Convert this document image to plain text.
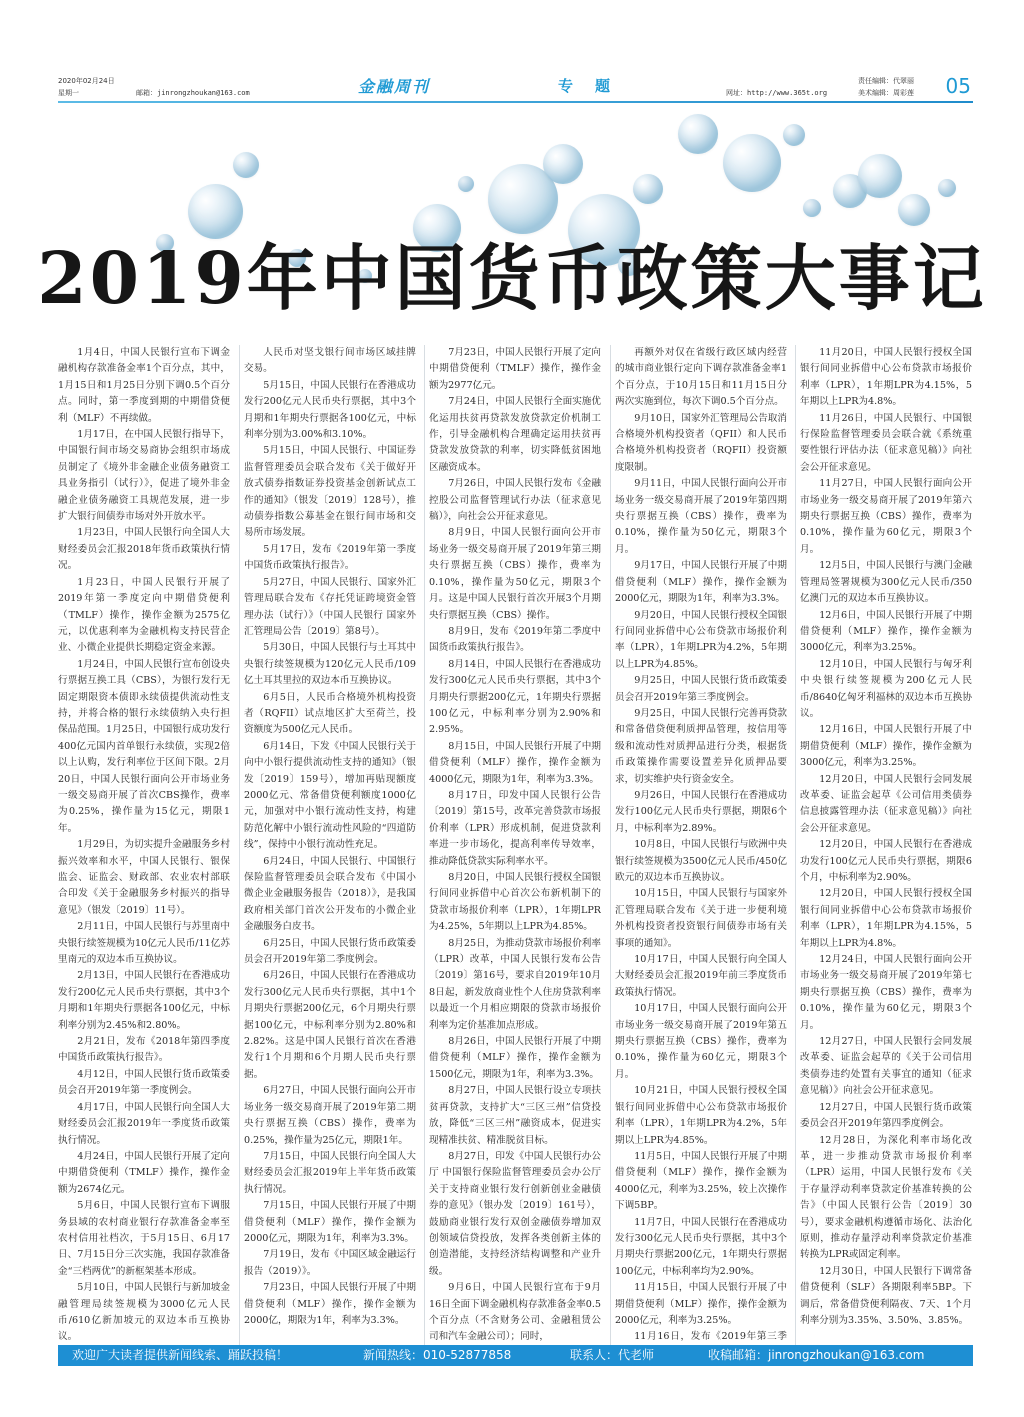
2020年02月24日
星期一	邮箱：jinrongzhoukan@163.com	金融周刊	专题	网址：http://www.365t.org
责任编辑：代翠丽
美术编辑：周彩莲 05
2019年中国货币政策大事记

1月4日，中国人民银行宣布下调金融机构存款准备金率1个百分点，其中，1月15日和1月25日分别下调0.5个百分点。同时，第一季度到期的中期借贷便利（MLF）不再续做。

1月17日，在中国人民银行指导下，中国银行间市场交易商协会组织市场成员制定了《境外非金融企业债务融资工具业务指引（试行）》，促进了境外非金融企业债务融资工具规范发展，进一步扩大银行间债券市场对外开放水平。

1月23日，中国人民银行向全国人大财经委员会汇报2018年货币政策执行情况。

1月23日，中国人民银行开展了2019年第一季度定向中期借贷便利（TMLF）操作，操作金额为2575亿元，以优惠利率为金融机构支持民营企业、小微企业提供长期稳定资金来源。

1月24日，中国人民银行宣布创设央行票据互换工具（CBS），为银行发行无固定期限资本债即永续债提供流动性支持，并将合格的银行永续债纳入央行担保品范围。1月25日，中国银行成功发行400亿元国内首单银行永续债，实现2倍以上认购，发行利率位于区间下限。2月20日，中国人民银行面向公开市场业务一级交易商开展了首次CBS操作，费率为0.25%，操作量为15亿元，期限1年。

1月29日，为切实提升金融服务乡村振兴效率和水平，中国人民银行、银保监会、证监会、财政部、农业农村部联合印发《关于金融服务乡村振兴的指导意见》（银发〔2019〕11号）。

2月11日，中国人民银行与苏里南中央银行续签规模为10亿元人民币/11亿苏里南元的双边本币互换协议。

2月13日，中国人民银行在香港成功发行200亿元人民币央行票据，其中3个月期和1年期央行票据各100亿元，中标利率分别为2.45%和2.80%。

2月21日，发布《2018年第四季度中国货币政策执行报告》。

4月12日，中国人民银行货币政策委员会召开2019年第一季度例会。

4月17日，中国人民银行向全国人大财经委员会汇报2019年一季度货币政策执行情况。

4月24日，中国人民银行开展了定向中期借贷便利（TMLF）操作，操作金额为2674亿元。

5月6日，中国人民银行宣布下调服务县域的农村商业银行存款准备金率至农村信用社档次，于5月15日、6月17日、7月15日分三次实施，我国存款准备金“三档两优”的新框架基本形成。

5月10日，中国人民银行与新加坡金融管理局续签规模为3000亿元人民币/610亿新加坡元的双边本币互换协议。

人民币对坚戈银行间市场区域挂牌交易。

5月15日，中国人民银行在香港成功发行200亿元人民币央行票据，其中3个月期和1年期央行票据各100亿元，中标利率分别为3.00%和3.10%。

5月15日，中国人民银行、中国证券监督管理委员会联合发布《关于做好开放式债券指数证券投资基金创新试点工作的通知》（银发〔2019〕128号），推动债券指数公募基金在银行间市场和交易所市场发展。

5月17日，发布《2019年第一季度中国货币政策执行报告》。

5月27日，中国人民银行、国家外汇管理局联合发布《存托凭证跨境资金管理办法（试行）》（中国人民银行 国家外汇管理局公告〔2019〕第8号）。

5月30日，中国人民银行与土耳其中央银行续签规模为120亿元人民币/109亿土耳其里拉的双边本币互换协议。

6月5日，人民币合格境外机构投资者（RQFII）试点地区扩大至荷兰，投资额度为500亿元人民币。

6月14日，下发《中国人民银行关于向中小银行提供流动性支持的通知》（银发〔2019〕159号），增加再贴现额度2000亿元、常备借贷便利额度1000亿元，加强对中小银行流动性支持，构建防范化解中小银行流动性风险的“四道防线”，保持中小银行流动性充足。

6月24日，中国人民银行、中国银行保险监督管理委员会联合发布《中国小微企业金融服务报告（2018）》，是我国政府相关部门首次公开发布的小微企业金融服务白皮书。

6月25日，中国人民银行货币政策委员会召开2019年第二季度例会。

6月26日，中国人民银行在香港成功发行300亿元人民币央行票据，其中1个月期央行票据200亿元，6个月期央行票据100亿元，中标利率分别为2.80%和2.82%。这是中国人民银行首次在香港发行1个月期和6个月期人民币央行票据。

6月27日，中国人民银行面向公开市场业务一级交易商开展了2019年第二期央行票据互换（CBS）操作，费率为0.25%，操作量为25亿元，期限1年。

7月15日，中国人民银行向全国人大财经委员会汇报2019年上半年货币政策执行情况。

7月15日，中国人民银行开展了中期借贷便利（MLF）操作，操作金额为2000亿元，期限为1年，利率为3.3%。

7月19日，发布《中国区域金融运行报告（2019）》。

7月23日，中国人民银行开展了中期借贷便利（MLF）操作，操作金额为2000亿，期限为1年，利率为3.3%。

7月23日，中国人民银行开展了定向中期借贷便利（TMLF）操作，操作金额为2977亿元。

7月24日，中国人民银行全面实施优化运用扶贫再贷款发放贷款定价机制工作，引导金融机构合理确定运用扶贫再贷款发放贷款的利率，切实降低贫困地区融资成本。

7月26日，中国人民银行发布《金融控股公司监督管理试行办法（征求意见稿）》，向社会公开征求意见。

8月9日，中国人民银行面向公开市场业务一级交易商开展了2019年第三期央行票据互换（CBS）操作，费率为0.10%，操作量为50亿元，期限3个月。这是中国人民银行首次开展3个月期央行票据互换（CBS）操作。

8月9日，发布《2019年第二季度中国货币政策执行报告》。

8月14日，中国人民银行在香港成功发行300亿元人民币央行票据，其中3个月期央行票据200亿元，1年期央行票据100亿元，中标利率分别为2.90%和2.95%。

8月15日，中国人民银行开展了中期借贷便利（MLF）操作，操作金额为4000亿元，期限为1年，利率为3.3%。

8月17日，印发中国人民银行公告〔2019〕第15号，改革完善贷款市场报价利率（LPR）形成机制，促进贷款利率进一步市场化，提高利率传导效率，推动降低贷款实际利率水平。

8月20日，中国人民银行授权全国银行间同业拆借中心首次公布新机制下的贷款市场报价利率（LPR），1年期LPR为4.25%，5年期以上LPR为4.85%。

8月25日，为推动贷款市场报价利率（LPR）改革，中国人民银行发布公告〔2019〕第16号，要求自2019年10月8日起，新发放商业性个人住房贷款利率以最近一个月相应期限的贷款市场报价利率为定价基准加点形成。

8月26日，中国人民银行开展了中期借贷便利（MLF）操作，操作金额为1500亿元，期限为1年，利率为3.3%。

8月27日，中国人民银行设立专项扶贫再贷款，支持扩大“三区三州”信贷投放，降低“三区三州”融资成本，促进实现精准扶贫、精准脱贫目标。

8月27日，印发《中国人民银行办公厅 中国银行保险监督管理委员会办公厅关于支持商业银行发行创新创业金融债券的意见》（银办发〔2019〕161号），鼓励商业银行发行双创金融债券增加双创领域信贷投放，发挥各类创新主体的创造潜能，支持经济结构调整和产业升级。

9月6日，中国人民银行宣布于9月16日全面下调金融机构存款准备金率0.5个百分点（不含财务公司、金融租赁公司和汽车金融公司）；同时，

再额外对仅在省级行政区域内经营的城市商业银行定向下调存款准备金率1个百分点，于10月15日和11月15日分两次实施到位，每次下调0.5个百分点。

9月10日，国家外汇管理局公告取消合格境外机构投资者（QFII）和人民币合格境外机构投资者（RQFII）投资额度限制。

9月11日，中国人民银行面向公开市场业务一级交易商开展了2019年第四期央行票据互换（CBS）操作，费率为0.10%，操作量为50亿元，期限3个月。

9月17日，中国人民银行开展了中期借贷便利（MLF）操作，操作金额为2000亿元，期限为1年，利率为3.3%。

9月20日，中国人民银行授权全国银行间同业拆借中心公布贷款市场报价利率（LPR），1年期LPR为4.2%，5年期以上LPR为4.85%。

9月25日，中国人民银行货币政策委员会召开2019年第三季度例会。

9月25日，中国人民银行完善再贷款和常备借贷便利质押品管理，按信用等级和流动性对质押品进行分类，根据货币政策操作需要设置差异化质押品要求，切实维护央行资金安全。

9月26日，中国人民银行在香港成功发行100亿元人民币央行票据，期限6个月，中标利率为2.89%。

10月8日，中国人民银行与欧洲中央银行续签规模为3500亿元人民币/450亿欧元的双边本币互换协议。

10月15日，中国人民银行与国家外汇管理局联合发布《关于进一步便利境外机构投资者投资银行间债券市场有关事项的通知》。

10月17日，中国人民银行向全国人大财经委员会汇报2019年前三季度货币政策执行情况。

10月17日，中国人民银行面向公开市场业务一级交易商开展了2019年第五期央行票据互换（CBS）操作，费率为0.10%，操作量为60亿元，期限3个月。

10月21日，中国人民银行授权全国银行间同业拆借中心公布贷款市场报价利率（LPR），1年期LPR为4.2%，5年期以上LPR为4.85%。

11月5日，中国人民银行开展了中期借贷便利（MLF）操作，操作金额为4000亿元，利率为3.25%，较上次操作下调5BP。

11月7日，中国人民银行在香港成功发行300亿元人民币央行票据，其中3个月期央行票据200亿元，1年期央行票据100亿元，中标利率均为2.90%。

11月15日，中国人民银行开展了中期借贷便利（MLF）操作，操作金额为2000亿元，利率为3.25%。

11月16日，发布《2019年第三季

11月20日，中国人民银行授权全国银行间同业拆借中心公布贷款市场报价利率（LPR），1年期LPR为4.15%，5年期以上LPR为4.8%。

11月26日，中国人民银行、中国银行保险监督管理委员会联合就《系统重要性银行评估办法（征求意见稿）》向社会公开征求意见。

11月27日，中国人民银行面向公开市场业务一级交易商开展了2019年第六期央行票据互换（CBS）操作，费率为0.10%，操作量为60亿元，期限3个月。

12月5日，中国人民银行与澳门金融管理局签署规模为300亿元人民币/350亿澳门元的双边本币互换协议。

12月6日，中国人民银行开展了中期借贷便利（MLF）操作，操作金额为3000亿元，利率为3.25%。

12月10日，中国人民银行与匈牙利中央银行续签规模为200亿元人民币/8640亿匈牙利福林的双边本币互换协议。

12月16日，中国人民银行开展了中期借贷便利（MLF）操作，操作金额为3000亿元，利率为3.25%。

12月20日，中国人民银行会同发展改革委、证监会起草《公司信用类债券信息披露管理办法（征求意见稿）》向社会公开征求意见。

12月20日，中国人民银行在香港成功发行100亿元人民币央行票据，期限6个月，中标利率为2.90%。

12月20日，中国人民银行授权全国银行间同业拆借中心公布贷款市场报价利率（LPR），1年期LPR为4.15%，5年期以上LPR为4.8%。

12月24日，中国人民银行面向公开市场业务一级交易商开展了2019年第七期央行票据互换（CBS）操作，费率为0.10%，操作量为60亿元，期限3个月。

12月27日，中国人民银行会同发展改革委、证监会起草的《关于公司信用类债券违约处置有关事宜的通知（征求意见稿）》向社会公开征求意见。

12月27日，中国人民银行货币政策委员会召开2019年第四季度例会。

12月28日，为深化利率市场化改革，进一步推动贷款市场报价利率（LPR）运用，中国人民银行发布《关于存量浮动利率贷款定价基准转换的公告》（中国人民银行公告〔2019〕30号），要求金融机构遵循市场化、法治化原则，推动存量浮动利率贷款定价基准转换为LPR或固定利率。

12月30日，中国人民银行下调常备借贷便利（SLF）各期限利率5BP。下调后，常备借贷便利隔夜、7天、1个月利率分别为3.35%、3.50%、3.85%。

欢迎广大读者提供新闻线索、踊跃投稿！	新闻热线：010-52877858	联系人：代老师	收稿邮箱：jinrongzhoukan@163.com
